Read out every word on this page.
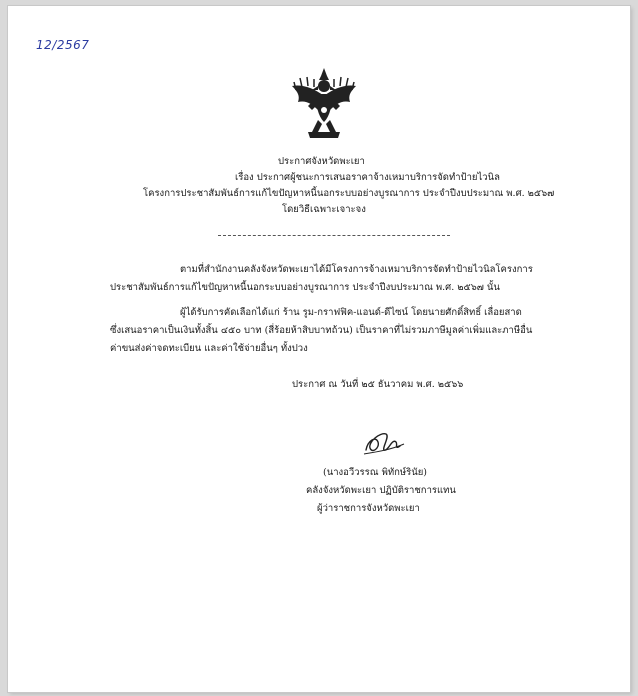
12/2567
ประกาศจังหวัดพะเยา
เรื่อง ประกาศผู้ชนะการเสนอราคาจ้างเหมาบริการจัดทำป้ายไวนิล
โครงการประชาสัมพันธ์การแก้ไขปัญหาหนี้นอกระบบอย่างบูรณาการ ประจำปีงบประมาณ พ.ศ. ๒๕๖๗
โดยวิธีเฉพาะเจาะจง
ตามที่สำนักงานคลังจังหวัดพะเยาได้มีโครงการจ้างเหมาบริการจัดทำป้ายไวนิลโครงการ
ประชาสัมพันธ์การแก้ไขปัญหาหนี้นอกระบบอย่างบูรณาการ ประจำปีงบประมาณ พ.ศ. ๒๕๖๗ นั้น
ผู้ได้รับการคัดเลือกได้แก่ ร้าน รูม-กราฟฟิค-แอนด์-ดีไซน์ โดยนายศักดิ์สิทธิ์ เลื่อยสาด
ซึ่งเสนอราคาเป็นเงินทั้งสิ้น ๔๕๐ บาท (สี่ร้อยห้าสิบบาทถ้วน) เป็นราคาที่ไม่รวมภาษีมูลค่าเพิ่มและภาษีอื่น
ค่าขนส่งค่าจดทะเบียน และค่าใช้จ่ายอื่นๆ ทั้งปวง
ประกาศ ณ วันที่ ๒๕ ธันวาคม พ.ศ. ๒๕๖๖
(นางอวีวรรณ พิทักษ์รินัย)
คลังจังหวัดพะเยา ปฏิบัติราชการแทน
ผู้ว่าราชการจังหวัดพะเยา
